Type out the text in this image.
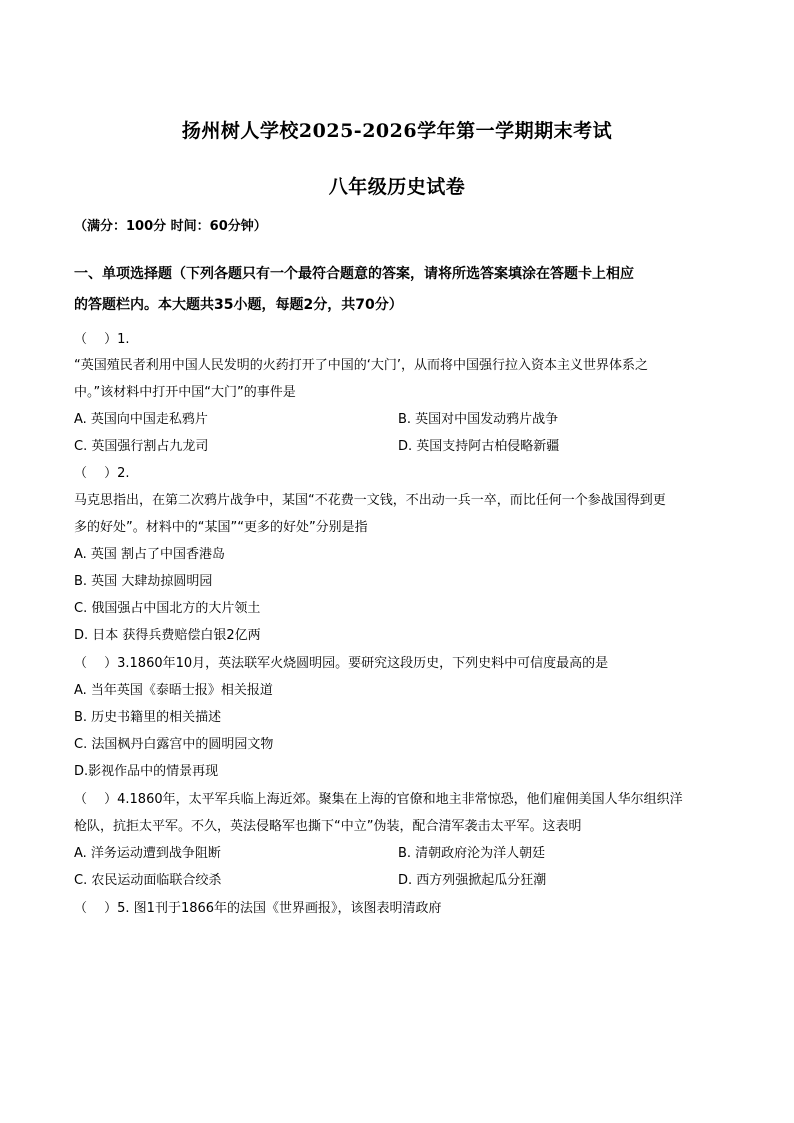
扬州树人学校2025-2026学年第一学期期末考试
八年级历史试卷
（满分：100分 时间：60分钟）
一、单项选择题（下列各题只有一个最符合题意的答案，请将所选答案填涂在答题卡上相应
的答题栏内。本大题共35小题，每题2分，共70分）
（　 ）1.
“英国殖民者利用中国人民发明的火药打开了中国的‘大门’，从而将中国强行拉入资本主义世界体系之
中。”该材料中打开中国“大门”的事件是
A. 英国向中国走私鸦片	B. 英国对中国发动鸦片战争
C. 英国强行割占九龙司	D. 英国支持阿古柏侵略新疆
（　 ）2.
马克思指出，在第二次鸦片战争中，某国“不花费一文钱，不出动一兵一卒，而比任何一个参战国得到更
多的好处”。材料中的“某国”“更多的好处”分别是指
A. 英国 割占了中国香港岛
B. 英国 大肆劫掠圆明园
C. 俄国强占中国北方的大片领土
D. 日本 获得兵费赔偿白银2亿两
（　 ）3.1860年10月，英法联军火烧圆明园。要研究这段历史，下列史料中可信度最高的是
A. 当年英国《泰晤士报》相关报道
B. 历史书籍里的相关描述
C. 法国枫丹白露宫中的圆明园文物
D.影视作品中的情景再现
（　 ）4.1860年，太平军兵临上海近郊。聚集在上海的官僚和地主非常惊恐，他们雇佣美国人华尔组织洋
枪队，抗拒太平军。不久，英法侵略军也撕下“中立”伪装，配合清军袭击太平军。这表明
A. 洋务运动遭到战争阻断	B. 清朝政府沦为洋人朝廷
C. 农民运动面临联合绞杀	D. 西方列强掀起瓜分狂潮
（　 ）5. 图1刊于1866年的法国《世界画报》，该图表明清政府
